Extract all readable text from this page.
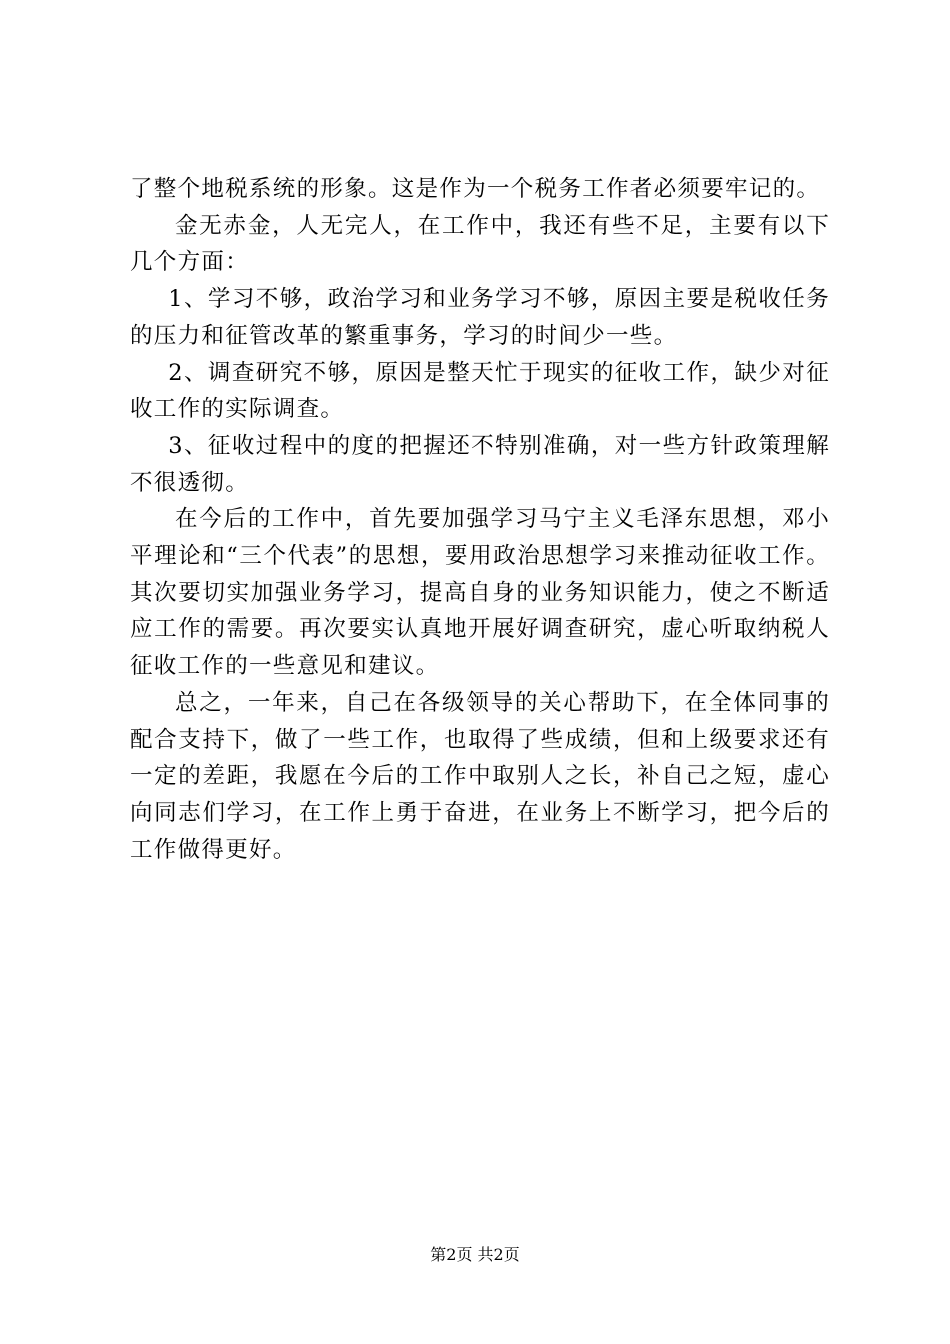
了整个地税系统的形象。这是作为一个税务工作者必须要牢记的。

金无赤金，人无完人，在工作中，我还有些不足，主要有以下几个方面：

1、学习不够，政治学习和业务学习不够，原因主要是税收任务的压力和征管改革的繁重事务，学习的时间少一些。

2、调查研究不够，原因是整天忙于现实的征收工作，缺少对征收工作的实际调查。

3、征收过程中的度的把握还不特别准确，对一些方针政策理解不很透彻。

在今后的工作中，首先要加强学习马宁主义毛泽东思想，邓小平理论和“三个代表”的思想，要用政治思想学习来推动征收工作。其次要切实加强业务学习，提高自身的业务知识能力，使之不断适应工作的需要。再次要实认真地开展好调查研究，虚心听取纳税人征收工作的一些意见和建议。

总之，一年来，自己在各级领导的关心帮助下，在全体同事的配合支持下，做了一些工作，也取得了些成绩，但和上级要求还有一定的差距，我愿在今后的工作中取别人之长，补自己之短，虚心向同志们学习，在工作上勇于奋进，在业务上不断学习，把今后的工作做得更好。

第2页 共2页
